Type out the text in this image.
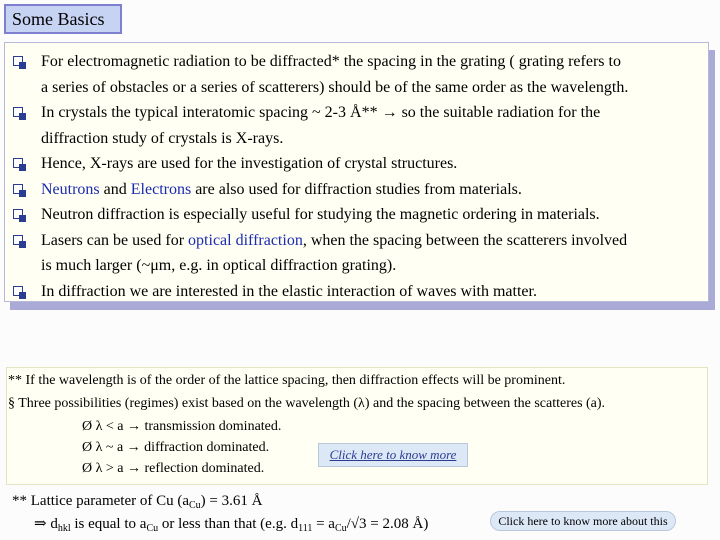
Some Basics
For electromagnetic radiation to be diffracted* the spacing in the grating ( grating refers to
a series of obstacles or a series of scatterers) should be of the same order as the wavelength.
In crystals the typical interatomic spacing ~ 2-3 Å** → so the suitable radiation for the
diffraction study of crystals is X-rays.
Hence, X-rays are used for the investigation of crystal structures.
Neutrons and Electrons are also used for diffraction studies from materials.
Neutron diffraction is especially useful for studying the magnetic ordering in materials.
Lasers can be used for optical diffraction, when the spacing between the scatterers involved
is much larger (~μm, e.g. in optical diffraction grating).
In diffraction we are interested in the elastic interaction of waves with matter.
** If the wavelength is of the order of the lattice spacing, then diffraction effects will be prominent.
§ Three possibilities (regimes) exist based on the wavelength (λ) and the spacing between the scatteres (a).
Ø λ < a → transmission dominated.
Ø λ ~ a → diffraction dominated.
Ø λ > a → reflection dominated.
Click here to know more
** Lattice parameter of Cu $(a_{Cu}) = 3.61$ Å
⇒ $d_{hkl}$ is equal to $a_{Cu}$ or less than that (e.g. $d_{111} = a_{Cu}/√3 = 2.08$ Å)	Click here to know more about this
